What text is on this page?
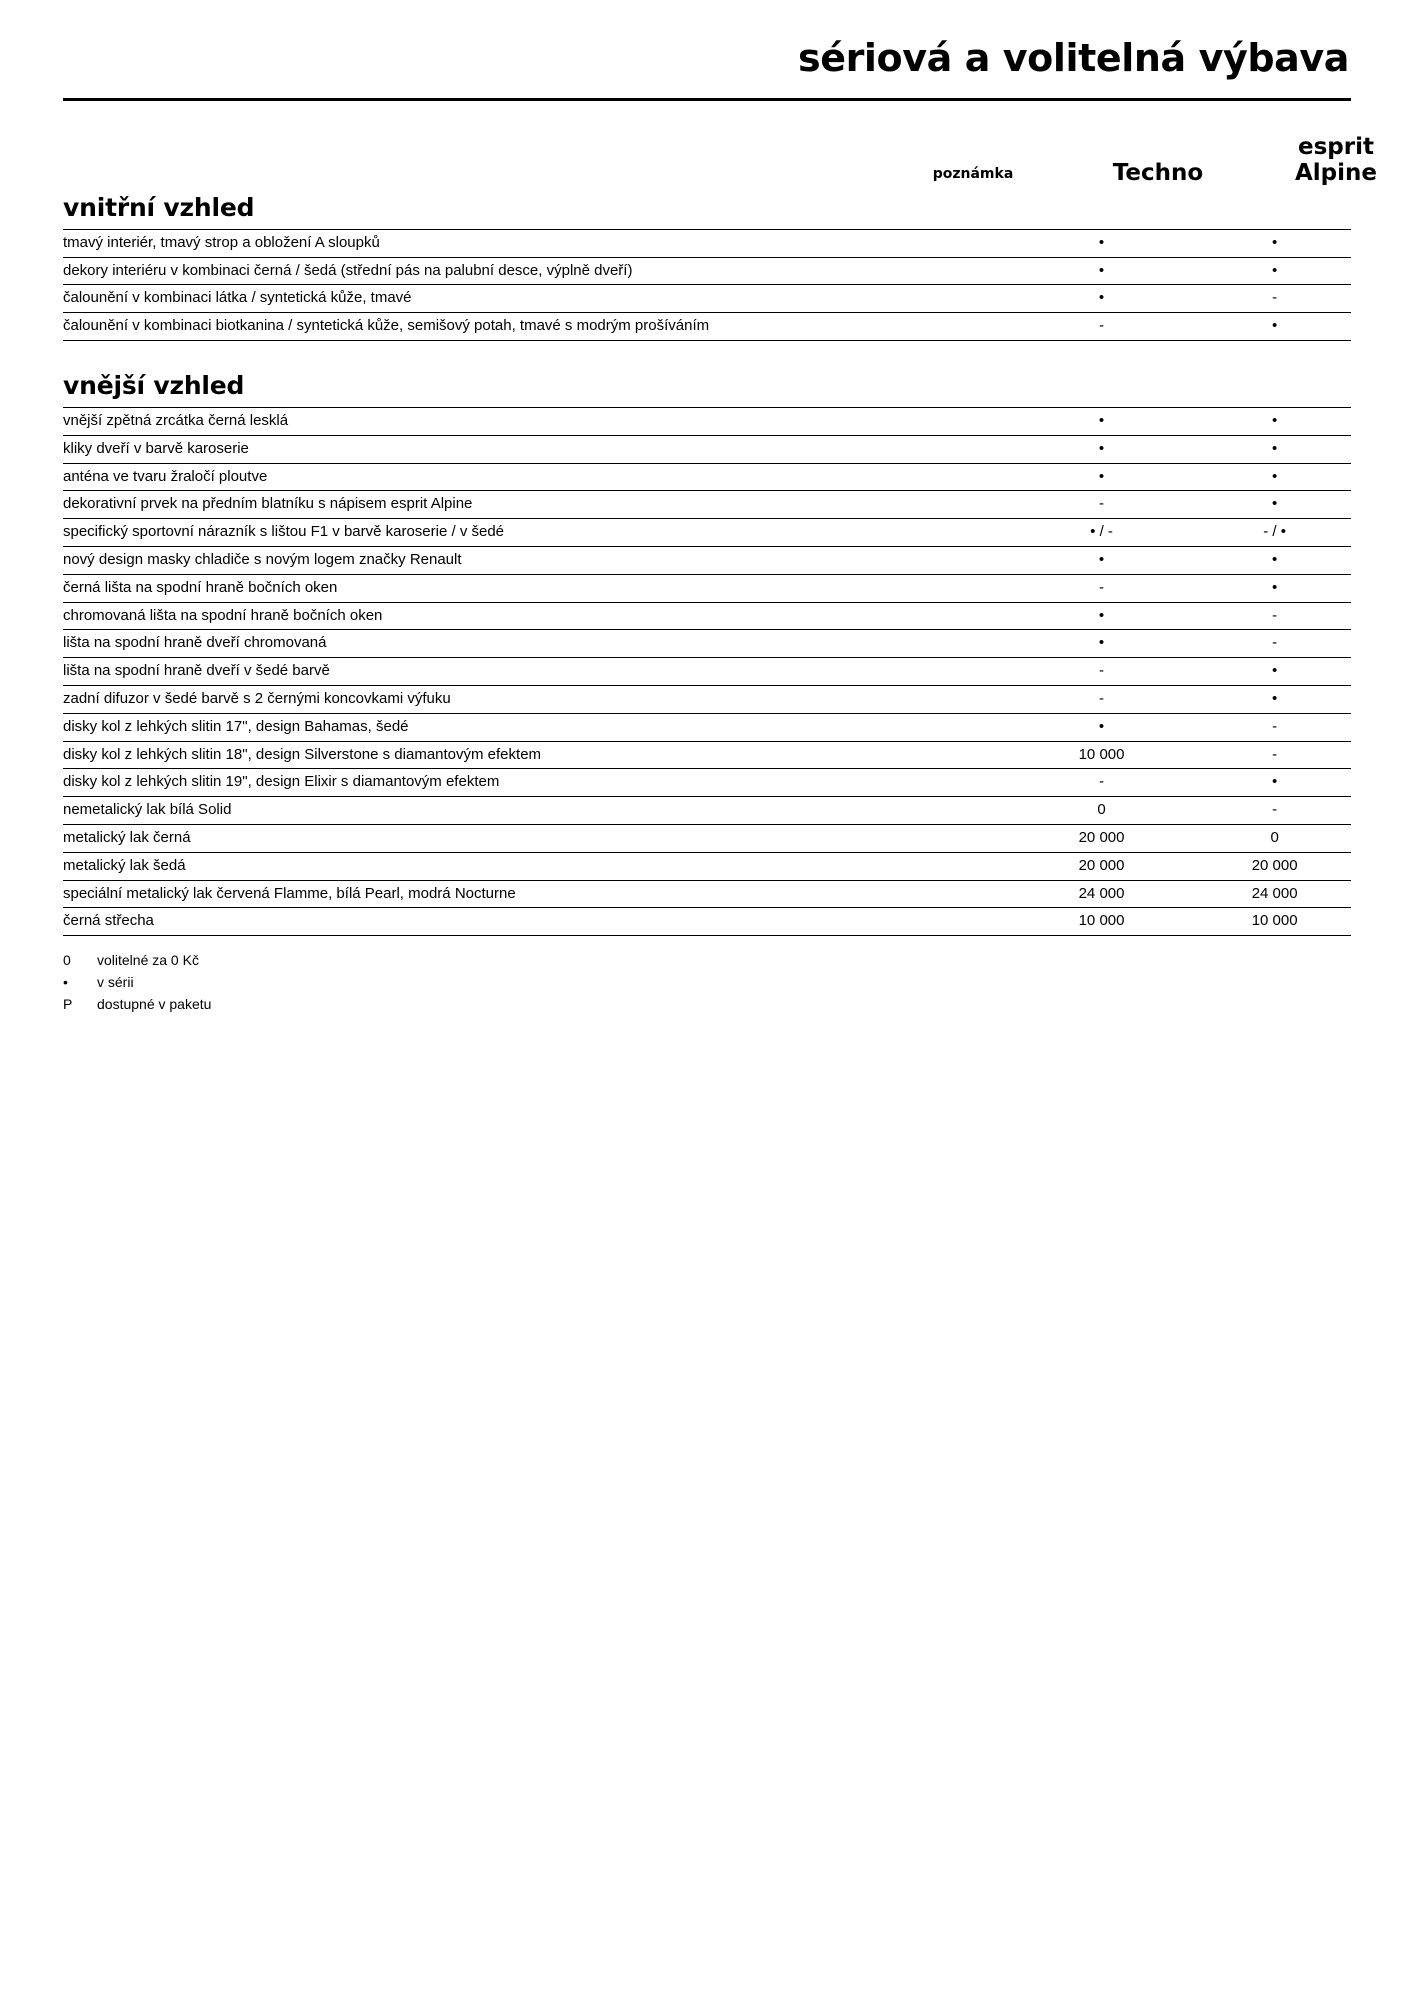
sériová a volitelná výbava
poznámka	Techno
esprit
Alpine
vnitřní vzhled
tmavý interiér, tmavý strop a obložení A sloupků		•	•
dekory interiéru v kombinaci černá / šedá (střední pás na palubní desce, výplně dveří)		•	•
čalounění v kombinaci látka / syntetická kůže, tmavé		•	-
čalounění v kombinaci biotkanina / syntetická kůže, semišový potah, tmavé s modrým prošíváním		-	•
vnější vzhled
vnější zpětná zrcátka černá lesklá		•	•
kliky dveří v barvě karoserie		•	•
anténa ve tvaru žraločí ploutve		•	•
dekorativní prvek na předním blatníku s nápisem esprit Alpine		-	•
specifický sportovní nárazník s lištou F1 v barvě karoserie / v šedé		• / -	- / •
nový design masky chladiče s novým logem značky Renault		•	•
černá lišta na spodní hraně bočních oken		-	•
chromovaná lišta na spodní hraně bočních oken		•	-
lišta na spodní hraně dveří chromovaná		•	-
lišta na spodní hraně dveří v šedé barvě		-	•
zadní difuzor v šedé barvě s 2 černými koncovkami výfuku		-	•
disky kol z lehkých slitin 17", design Bahamas, šedé		•	-
disky kol z lehkých slitin 18", design Silverstone s diamantovým efektem		10 000	-
disky kol z lehkých slitin 19", design Elixir s diamantovým efektem		-	•
nemetalický lak bílá Solid		0	-
metalický lak černá		20 000	0
metalický lak šedá		20 000	20 000
speciální metalický lak červená Flamme, bílá Pearl, modrá Nocturne		24 000	24 000
černá střecha		10 000	10 000
0	volitelné za 0 Kč
•	v sérii
P	dostupné v paketu
